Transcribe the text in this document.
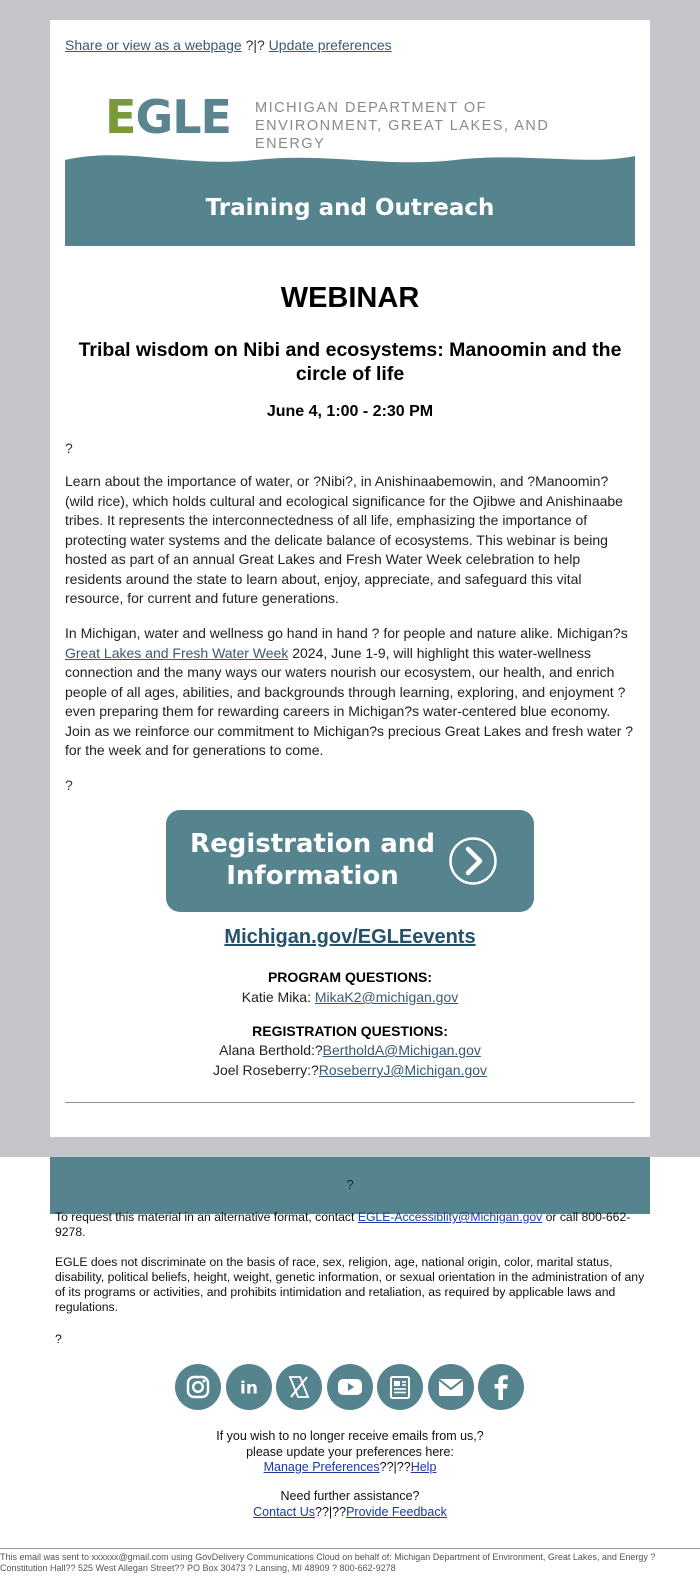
Share or view as a webpage ?|? Update preferences
EGLE MICHIGAN DEPARTMENT OF
ENVIRONMENT, GREAT LAKES, AND ENERGY
Training and Outreach
WEBINAR
Tribal wisdom on Nibi and ecosystems: Manoomin and the circle of life
June 4, 1:00 - 2:30 PM
?
Learn about the importance of water, or ?Nibi?, in Anishinaabemowin, and ?Manoomin? (wild rice), which holds cultural and ecological significance for the Ojibwe and Anishinaabe tribes. It represents the interconnectedness of all life, emphasizing the importance of protecting water systems and the delicate balance of ecosystems. This webinar is being hosted as part of an annual Great Lakes and Fresh Water Week celebration to help residents around the state to learn about, enjoy, appreciate, and safeguard this vital resource, for current and future generations.
In Michigan, water and wellness go hand in hand ? for people and nature alike. Michigan?s Great Lakes and Fresh Water Week 2024, June 1-9, will highlight this water-wellness connection and the many ways our waters nourish our ecosystem, our health, and enrich people of all ages, abilities, and backgrounds through learning, exploring, and enjoyment ? even preparing them for rewarding careers in Michigan?s water-centered blue economy. Join as we reinforce our commitment to Michigan?s precious Great Lakes and fresh water ? for the week and for generations to come.
?
Registration and Information
Michigan.gov/EGLEevents
PROGRAM QUESTIONS:
Katie Mika: MikaK2@michigan.gov
REGISTRATION QUESTIONS:
Alana Berthold:?BertholdA@Michigan.gov
Joel Roseberry:?RoseberryJ@Michigan.gov
?
To request this material in an alternative format, contact EGLE-Accessiblity@Michigan.gov or call 800-662-9278.
EGLE does not discriminate on the basis of race, sex, religion, age, national origin, color, marital status, disability, political beliefs, height, weight, genetic information, or sexual orientation in the administration of any of its programs or activities, and prohibits intimidation and retaliation, as required by applicable laws and regulations.
?
in
If you wish to no longer receive emails from us,?
please update your preferences here:
Manage Preferences??|??Help
Need further assistance?
Contact Us??|??Provide Feedback
This email was sent to xxxxxx@gmail.com using GovDelivery Communications Cloud on behalf of: Michigan Department of Environment, Great Lakes, and Energy ? Constitution Hall?? 525 West Allegan Street?? PO Box 30473 ? Lansing, MI 48909 ? 800-662-9278
